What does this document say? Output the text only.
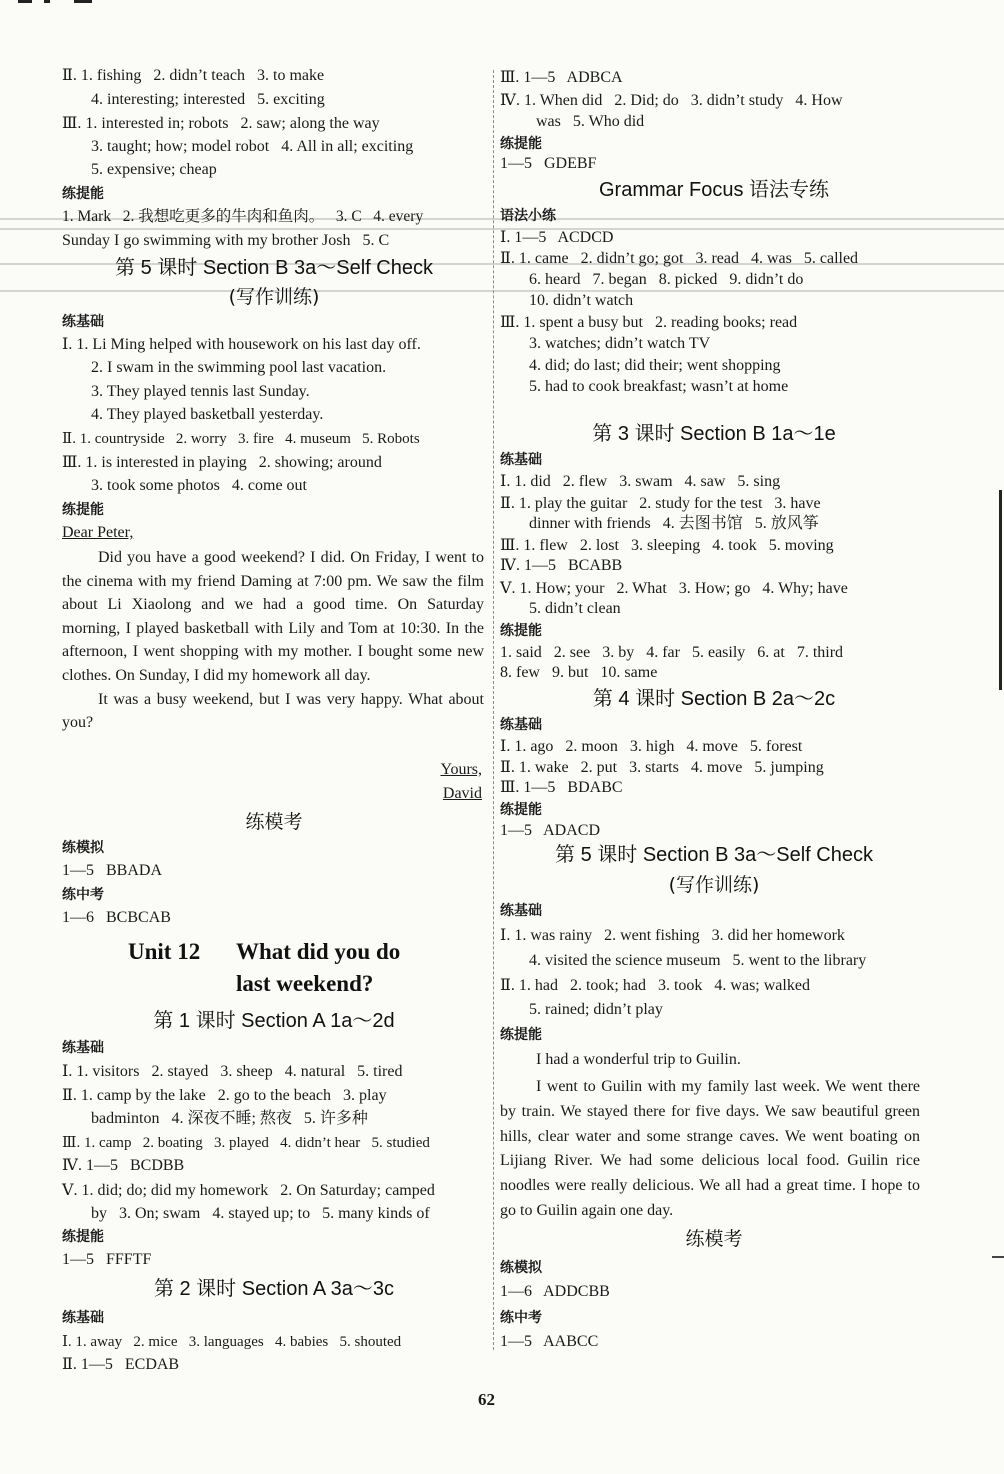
Ⅱ. 1. fishing   2. didn’t teach   3. to make
4. interesting; interested   5. exciting
Ⅲ. 1. interested in; robots   2. saw; along the way
3. taught; how; model robot   4. All in all; exciting
5. expensive; cheap
练提能
1. Mark   2. 我想吃更多的牛肉和鱼肉。   3. C   4. every
Sunday I go swimming with my brother Josh   5. C
第 5 课时 Section B 3a～Self Check
(写作训练)
练基础
Ⅰ. 1. Li Ming helped with housework on his last day off.
2. I swam in the swimming pool last vacation.
3. They played tennis last Sunday.
4. They played basketball yesterday.
Ⅱ. 1. countryside   2. worry   3. fire   4. museum   5. Robots
Ⅲ. 1. is interested in playing   2. showing; around
3. took some photos   4. come out
练提能
Dear Peter,

Did you have a good weekend? I did. On Friday, I went to the cinema with my friend Daming at 7:00 pm. We saw the film about Li Xiaolong and we had a good time. On Saturday morning, I played basketball with Lily and Tom at 10:30. In the afternoon, I went shopping with my mother. I bought some new clothes. On Sunday, I did my homework all day.

It was a busy weekend, but I was very happy. What about you?

Yours,
David
练模考
练模拟
1—5   BBADA
练中考
1—6   BCBCAB
Unit 12 What did you do
last weekend?
第 1 课时 Section A 1a～2d
练基础
Ⅰ. 1. visitors   2. stayed   3. sheep   4. natural   5. tired
Ⅱ. 1. camp by the lake   2. go to the beach   3. play
badminton   4. 深夜不睡; 熬夜   5. 许多种
Ⅲ. 1. camp   2. boating   3. played   4. didn’t hear   5. studied
Ⅳ. 1—5   BCDBB
Ⅴ. 1. did; do; did my homework   2. On Saturday; camped
by   3. On; swam   4. stayed up; to   5. many kinds of
练提能
1—5   FFFTF
第 2 课时 Section A 3a～3c
练基础
Ⅰ. 1. away   2. mice   3. languages   4. babies   5. shouted
Ⅱ. 1—5   ECDAB
Ⅲ. 1—5   ADBCA
Ⅳ. 1. When did   2. Did; do   3. didn’t study   4. How
was   5. Who did
练提能
1—5   GDEBF
Grammar Focus 语法专练
语法小练
Ⅰ. 1—5   ACDCD
Ⅱ. 1. came   2. didn’t go; got   3. read   4. was   5. called
6. heard   7. began   8. picked   9. didn’t do
10. didn’t watch
Ⅲ. 1. spent a busy but   2. reading books; read
3. watches; didn’t watch TV
4. did; do last; did their; went shopping
5. had to cook breakfast; wasn’t at home
第 3 课时 Section B 1a～1e
练基础
Ⅰ. 1. did   2. flew   3. swam   4. saw   5. sing
Ⅱ. 1. play the guitar   2. study for the test   3. have
dinner with friends   4. 去图书馆   5. 放风筝
Ⅲ. 1. flew   2. lost   3. sleeping   4. took   5. moving
Ⅳ. 1—5   BCABB
Ⅴ. 1. How; your   2. What   3. How; go   4. Why; have
5. didn’t clean
练提能
1. said   2. see   3. by   4. far   5. easily   6. at   7. third
8. few   9. but   10. same
第 4 课时 Section B 2a～2c
练基础
Ⅰ. 1. ago   2. moon   3. high   4. move   5. forest
Ⅱ. 1. wake   2. put   3. starts   4. move   5. jumping
Ⅲ. 1—5   BDABC
练提能
1—5   ADACD
第 5 课时 Section B 3a～Self Check
(写作训练)
练基础
Ⅰ. 1. was rainy   2. went fishing   3. did her homework
4. visited the science museum   5. went to the library
Ⅱ. 1. had   2. took; had   3. took   4. was; walked
5. rained; didn’t play
练提能
I had a wonderful trip to Guilin.

I went to Guilin with my family last week. We went there by train. We stayed there for five days. We saw beautiful green hills, clear water and some strange caves. We went boating on Lijiang River. We had some delicious local food. Guilin rice noodles were really delicious. We all had a great time. I hope to go to Guilin again one day.

练模考
练模拟
1—6   ADDCBB
练中考
1—5   AABCC
62
